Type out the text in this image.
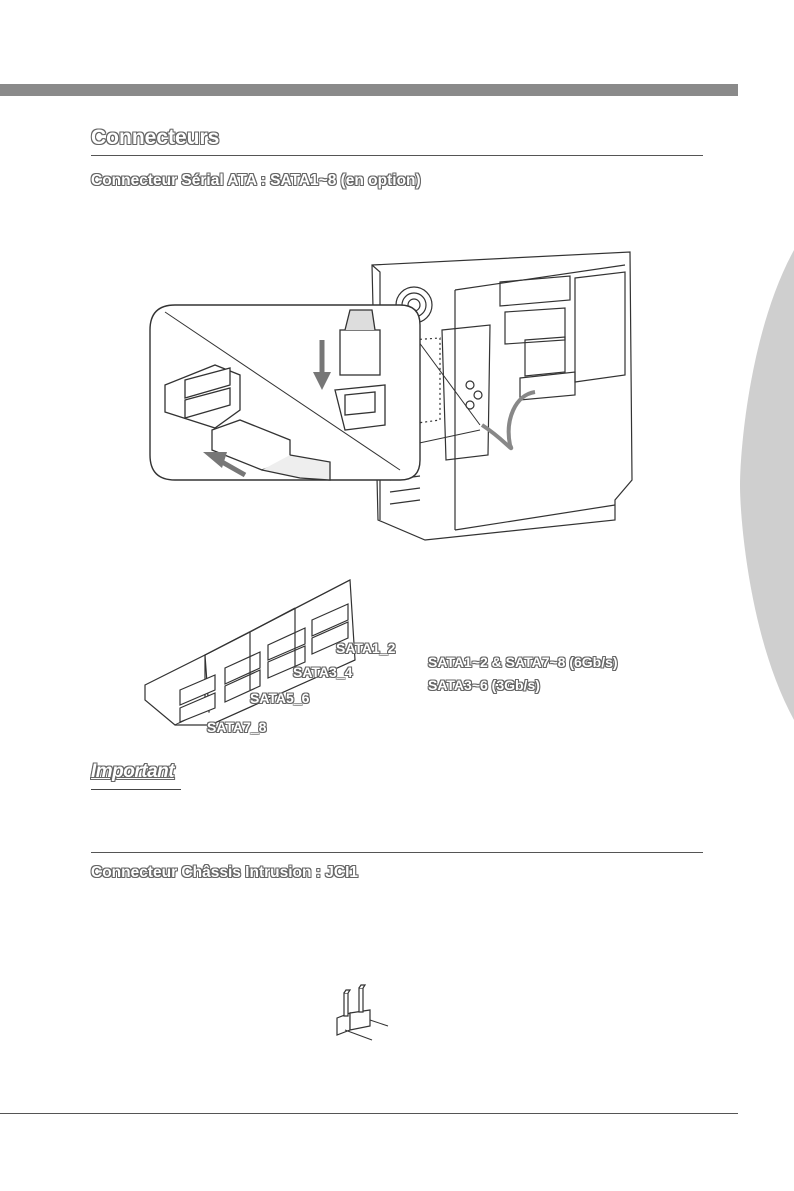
Connecteurs
Connecteur Sérial ATA : SATA1~8 (en option)
SATA1_2
SATA3_4
SATA5_6
SATA7_8
SATA1~2 & SATA7~8 (6Gb/s)
SATA3~6 (3Gb/s)
Important
Connecteur Châssis Intrusion : JCI1
